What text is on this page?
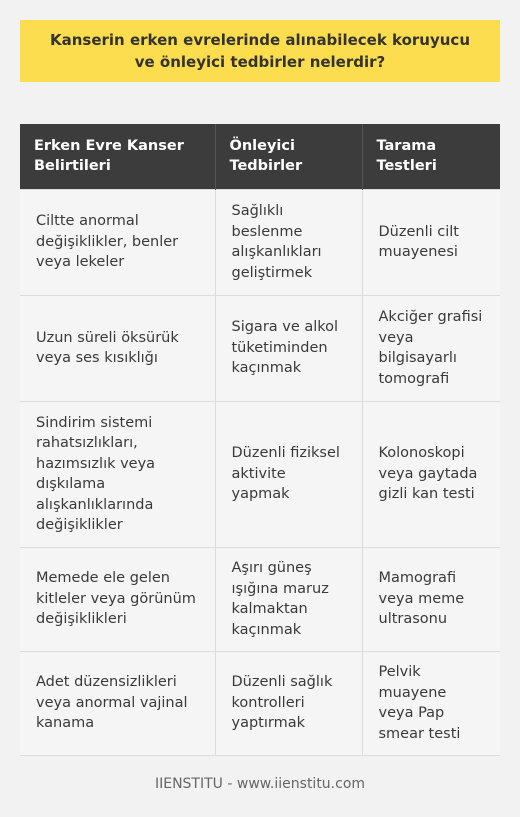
Kanserin erken evrelerinde alınabilecek koruyucu ve önleyici tedbirler nelerdir?
Erken Evre Kanser Belirtileri	Önleyici Tedbirler	Tarama Testleri
Ciltte anormal değişiklikler, benler veya lekeler	Sağlıklı beslenme alışkanlıkları geliştirmek	Düzenli cilt muayenesi
Uzun süreli öksürük veya ses kısıklığı	Sigara ve alkol tüketiminden kaçınmak	Akciğer grafisi veya bilgisayarlı tomografi
Sindirim sistemi rahatsızlıkları, hazımsızlık veya dışkılama alışkanlıklarında değişiklikler	Düzenli fiziksel aktivite yapmak	Kolonoskopi veya gaytada gizli kan testi
Memede ele gelen kitleler veya görünüm değişiklikleri	Aşırı güneş ışığına maruz kalmaktan kaçınmak	Mamografi veya meme ultrasonu
Adet düzensizlikleri veya anormal vajinal kanama	Düzenli sağlık kontrolleri yaptırmak	Pelvik muayene veya Pap smear testi
IIENSTITU - www.iienstitu.com
